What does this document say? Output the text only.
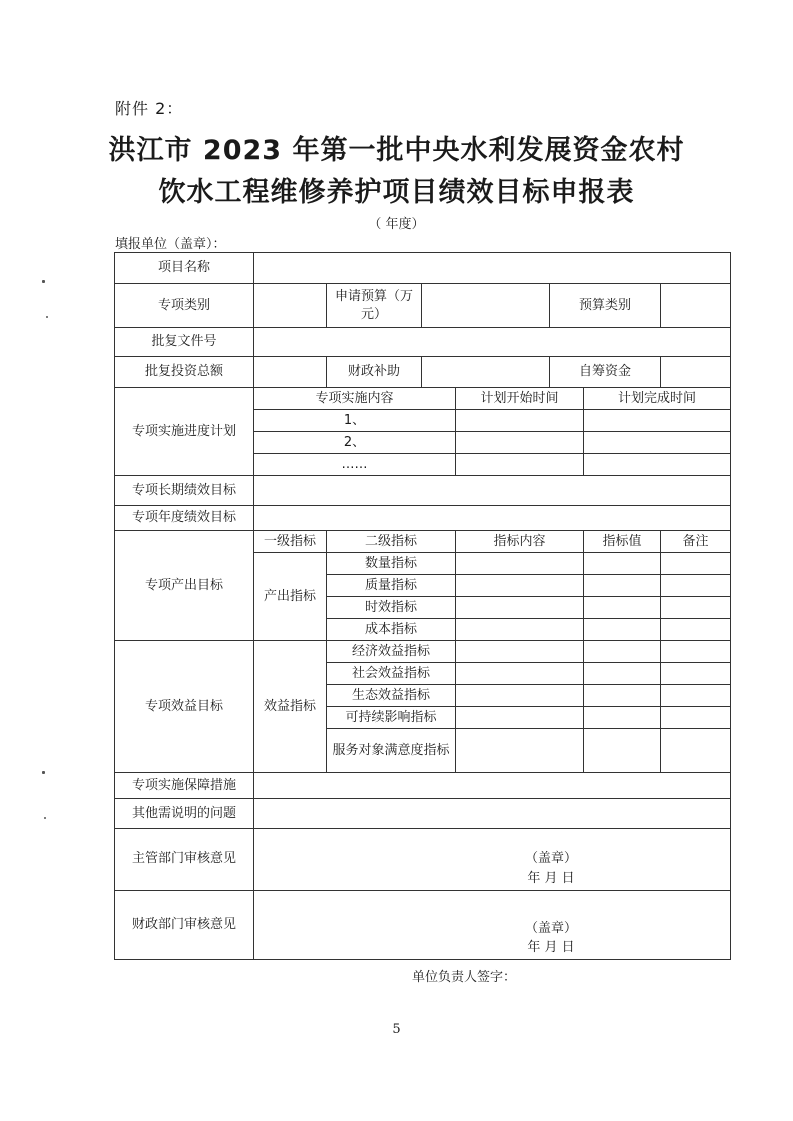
附件 2：
洪江市 2023 年第一批中央水利发展资金农村
饮水工程维修养护项目绩效目标申报表
（ 年度）
填报单位（盖章）：
项目名称							
专项类别		申请预算（万元）			预算类别		
批复文件号							
批复投资总额		财政补助			自筹资金		
专项实施进度计划	专项实施内容			计划开始时间		计划完成时间	
	1、						
	2、						
	……						
专项长期绩效目标							
专项年度绩效目标							
专项产出目标	一级指标	二级指标		指标内容		指标值	备注
	产出指标	数量指标					
		质量指标					
		时效指标					
		成本指标					
专项效益目标	效益指标	经济效益指标					
		社会效益指标					
		生态效益指标					
		可持续影响指标					
		服务对象满意度指标					
专项实施保障措施							
其他需说明的问题							
主管部门审核意见	（盖章）
年 月 日						

财政部门审核意见	（盖章）
年 月 日						
单位负责人签字：
5
